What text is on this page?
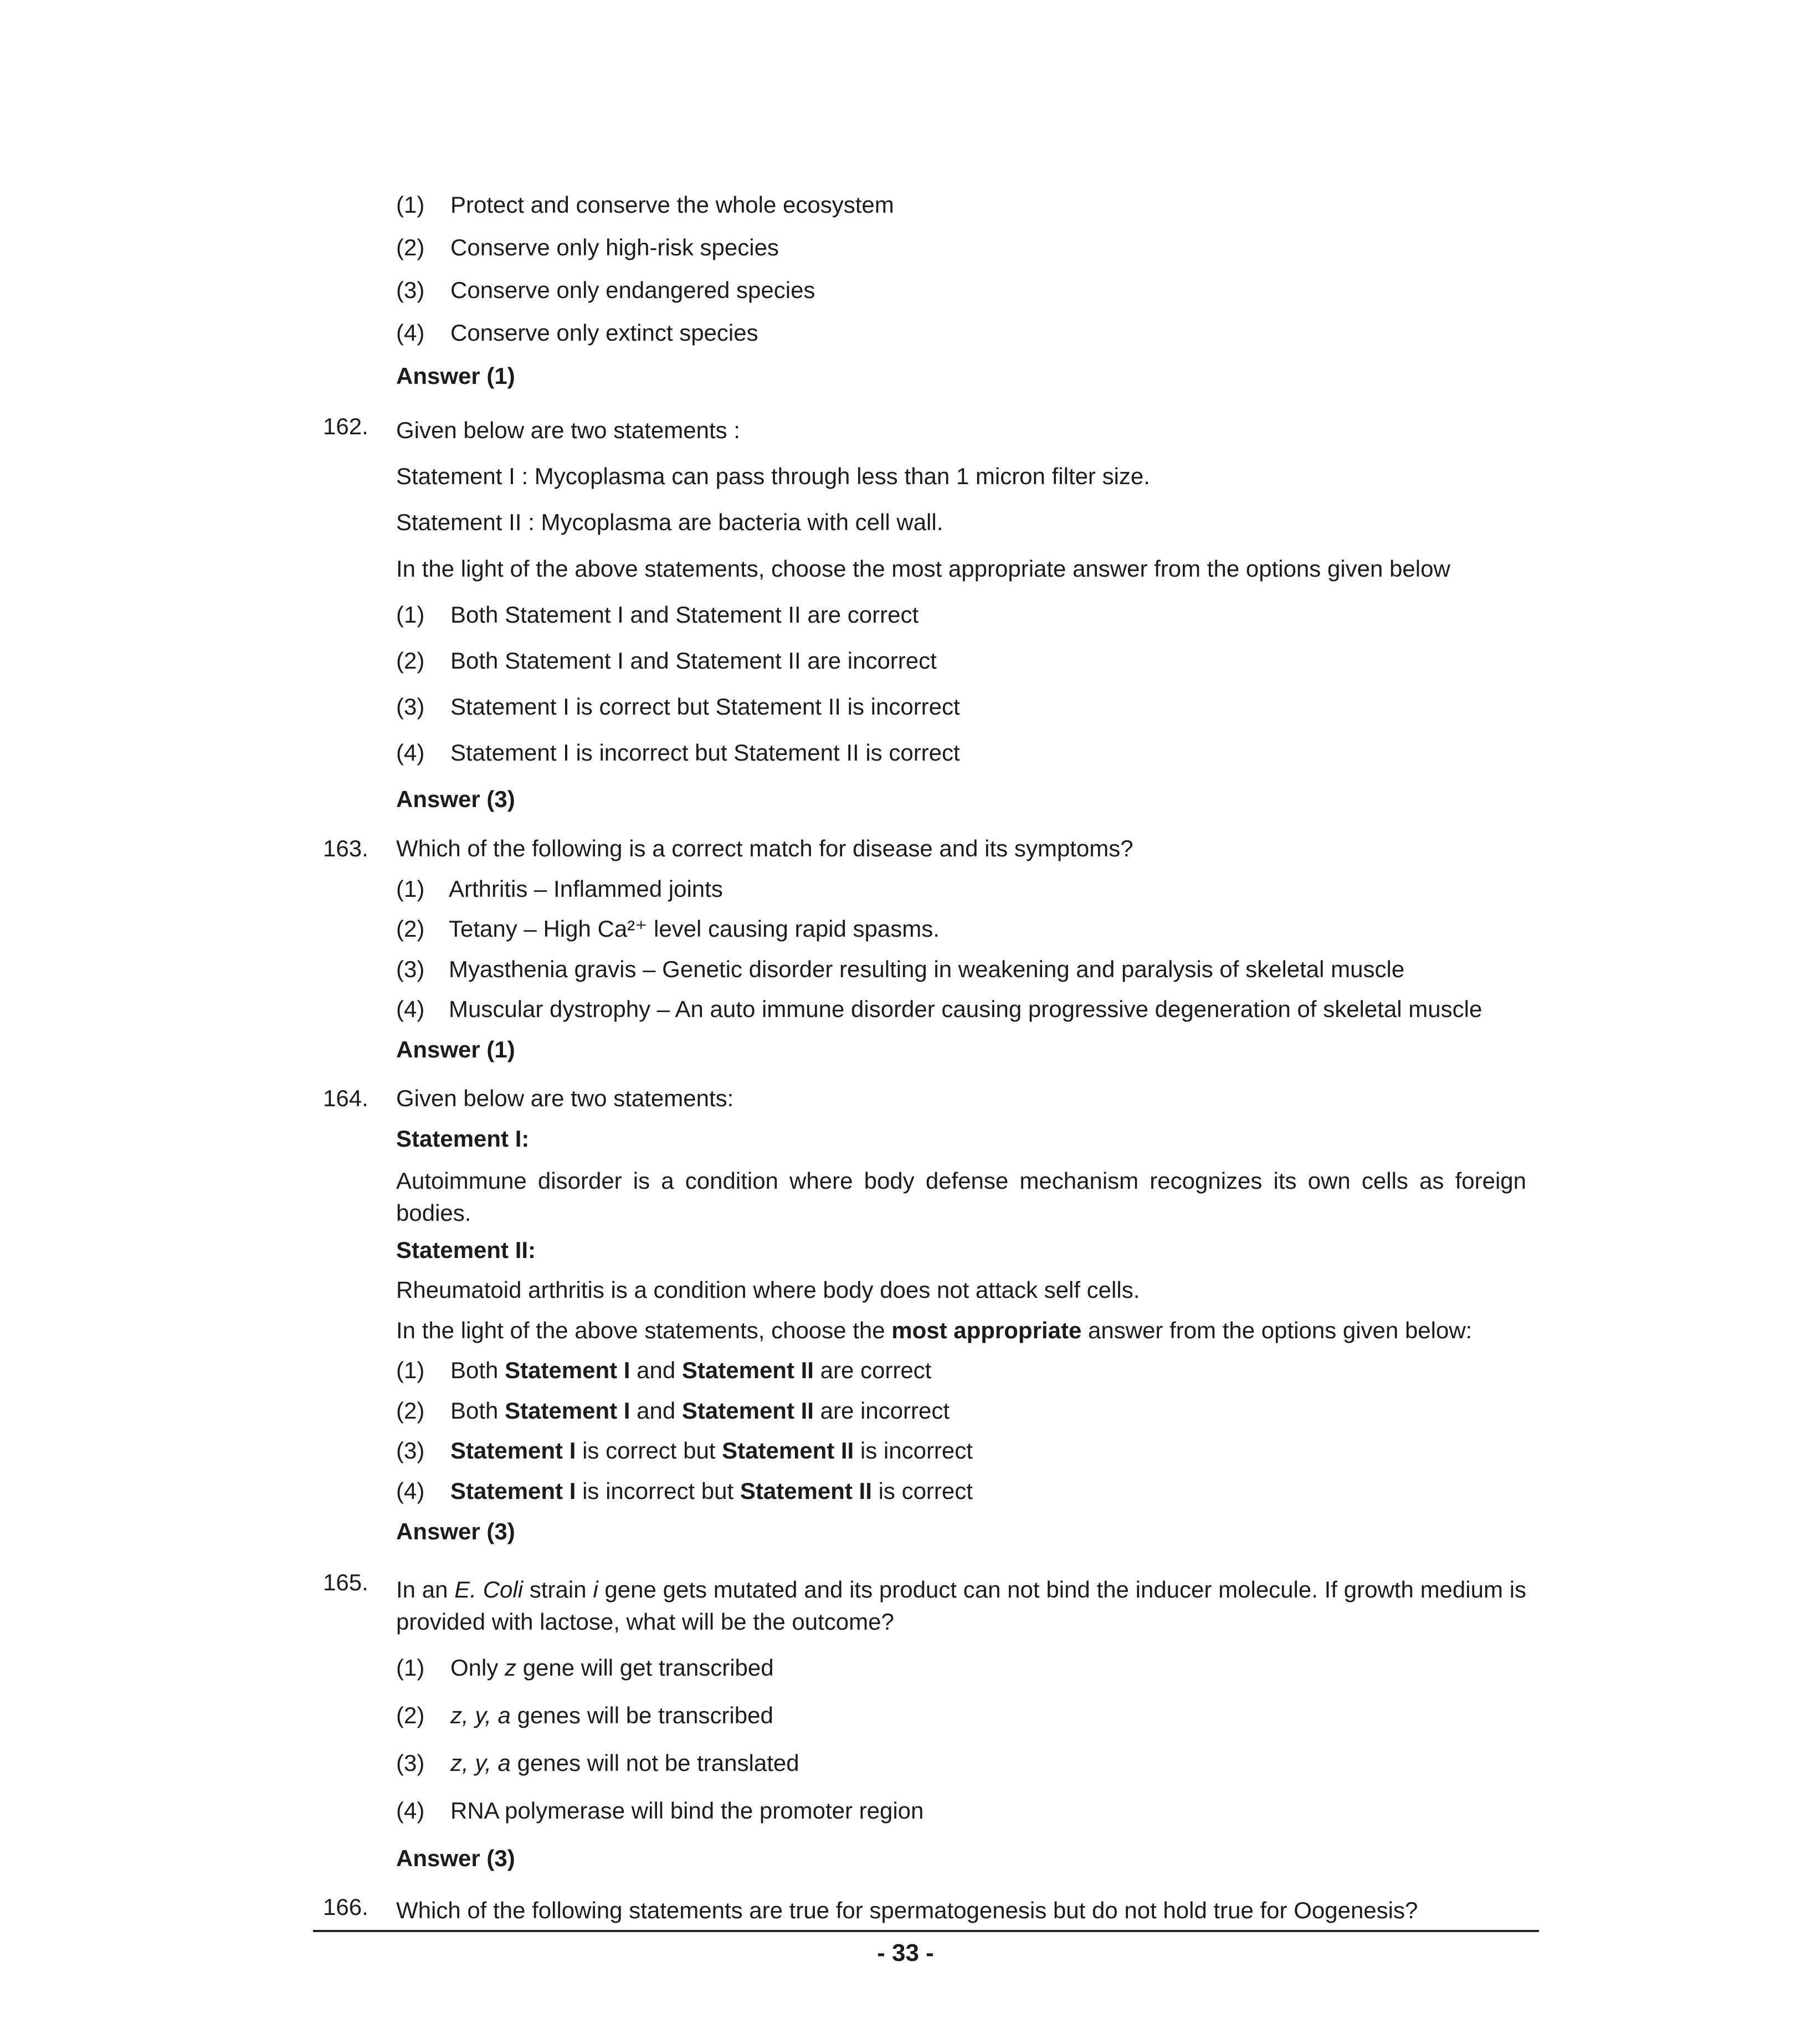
(1) Protect and conserve the whole ecosystem
(2) Conserve only high-risk species
(3) Conserve only endangered species
(4) Conserve only extinct species
Answer (1)
162. Given below are two statements :
Statement I : Mycoplasma can pass through less than 1 micron filter size.
Statement II : Mycoplasma are bacteria with cell wall.
In the light of the above statements, choose the most appropriate answer from the options given below
(1) Both Statement I and Statement II are correct
(2) Both Statement I and Statement II are incorrect
(3) Statement I is correct but Statement II is incorrect
(4) Statement I is incorrect but Statement II is correct
Answer (3)
163. Which of the following is a correct match for disease and its symptoms?
(1) Arthritis – Inflammed joints
(2) Tetany – High Ca²⁺ level causing rapid spasms.
(3) Myasthenia gravis – Genetic disorder resulting in weakening and paralysis of skeletal muscle
(4) Muscular dystrophy – An auto immune disorder causing progressive degeneration of skeletal muscle
Answer (1)
164. Given below are two statements:
Statement I:
Autoimmune disorder is a condition where body defense mechanism recognizes its own cells as foreign bodies.
Statement II:
Rheumatoid arthritis is a condition where body does not attack self cells.
In the light of the above statements, choose the most appropriate answer from the options given below:
(1) Both Statement I and Statement II are correct
(2) Both Statement I and Statement II are incorrect
(3) Statement I is correct but Statement II is incorrect
(4) Statement I is incorrect but Statement II is correct
Answer (3)
165. In an E. Coli strain i gene gets mutated and its product can not bind the inducer molecule. If growth medium is provided with lactose, what will be the outcome?
(1) Only z gene will get transcribed
(2) z, y, a genes will be transcribed
(3) z, y, a genes will not be translated
(4) RNA polymerase will bind the promoter region
Answer (3)
166. Which of the following statements are true for spermatogenesis but do not hold true for Oogenesis?
- 33 -
